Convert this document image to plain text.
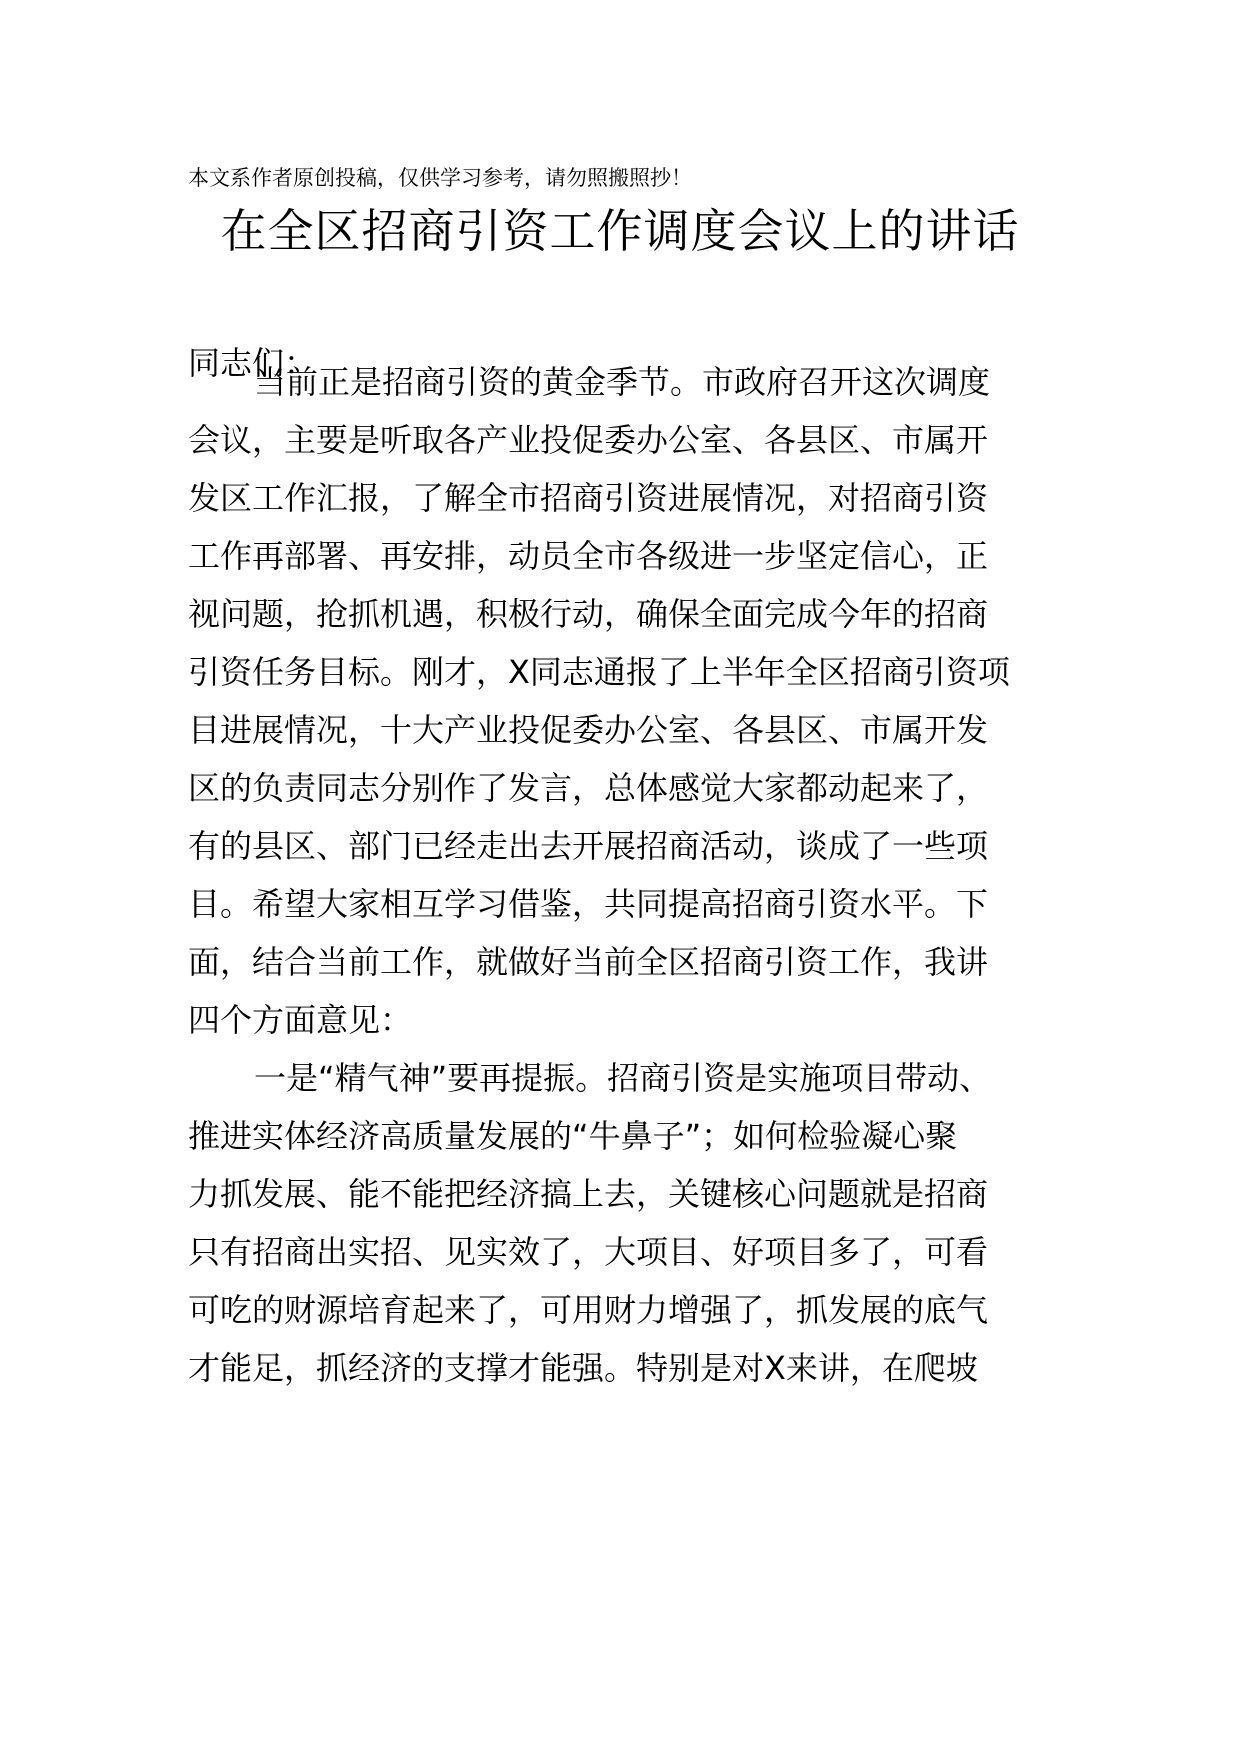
本文系作者原创投稿，仅供学习参考，请勿照搬照抄！
在全区招商引资工作调度会议上的讲话
同志们：
当前正是招商引资的黄金季节。市政府召开这次调度
会议，主要是听取各产业投促委办公室、各县区、市属开
发区工作汇报，了解全市招商引资进展情况，对招商引资
工作再部署、再安排，动员全市各级进一步坚定信心，正
视问题，抢抓机遇，积极行动，确保全面完成今年的招商
引资任务目标。刚才，X同志通报了上半年全区招商引资项
目进展情况，十大产业投促委办公室、各县区、市属开发
区的负责同志分别作了发言，总体感觉大家都动起来了，
有的县区、部门已经走出去开展招商活动，谈成了一些项
目。希望大家相互学习借鉴，共同提高招商引资水平。下
面，结合当前工作，就做好当前全区招商引资工作，我讲
四个方面意见：
一是“精气神”要再提振。招商引资是实施项目带动、
推进实体经济高质量发展的“牛鼻子”；如何检验凝心聚
力抓发展、能不能把经济搞上去，关键核心问题就是招商
只有招商出实招、见实效了，大项目、好项目多了，可看
可吃的财源培育起来了，可用财力增强了，抓发展的底气
才能足，抓经济的支撑才能强。特别是对X来讲，在爬坡
